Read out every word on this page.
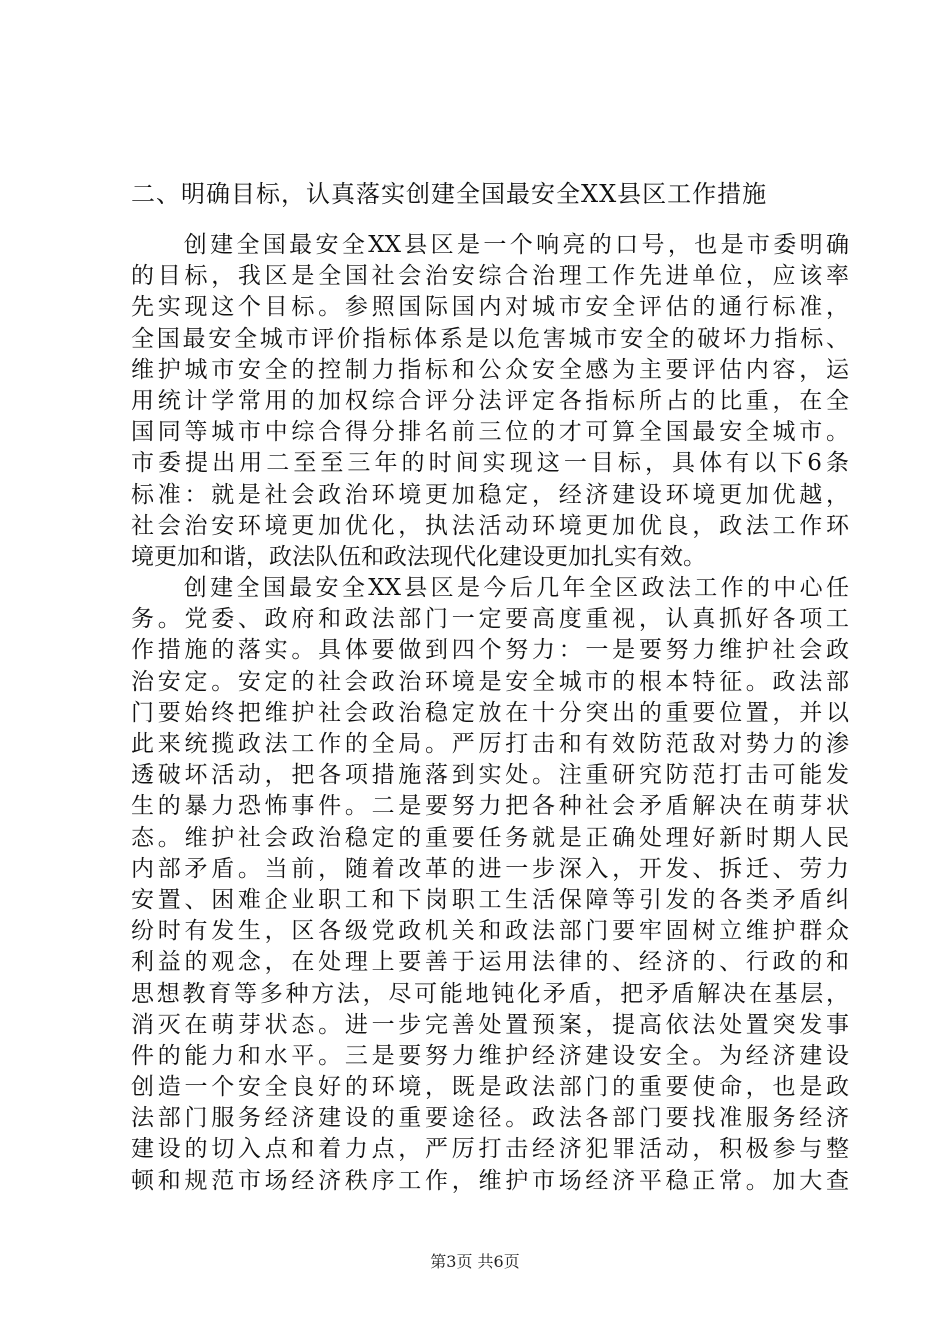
二、明确目标，认真落实创建全国最安全XX县区工作措施
　　创建全国最安全XX县区是一个响亮的口号，也是市委明确
的目标，我区是全国社会治安综合治理工作先进单位，应该率
先实现这个目标。参照国际国内对城市安全评估的通行标准，
全国最安全城市评价指标体系是以危害城市安全的破坏力指标、
维护城市安全的控制力指标和公众安全感为主要评估内容，运
用统计学常用的加权综合评分法评定各指标所占的比重，在全
国同等城市中综合得分排名前三位的才可算全国最安全城市。
市委提出用二至至三年的时间实现这一目标，具体有以下6条
标准：就是社会政治环境更加稳定，经济建设环境更加优越，
社会治安环境更加优化，执法活动环境更加优良，政法工作环
境更加和谐，政法队伍和政法现代化建设更加扎实有效。
　　创建全国最安全XX县区是今后几年全区政法工作的中心任
务。党委、政府和政法部门一定要高度重视，认真抓好各项工
作措施的落实。具体要做到四个努力：一是要努力维护社会政
治安定。安定的社会政治环境是安全城市的根本特征。政法部
门要始终把维护社会政治稳定放在十分突出的重要位置，并以
此来统揽政法工作的全局。严厉打击和有效防范敌对势力的渗
透破坏活动，把各项措施落到实处。注重研究防范打击可能发
生的暴力恐怖事件。二是要努力把各种社会矛盾解决在萌芽状
态。维护社会政治稳定的重要任务就是正确处理好新时期人民
内部矛盾。当前，随着改革的进一步深入，开发、拆迁、劳力
安置、困难企业职工和下岗职工生活保障等引发的各类矛盾纠
纷时有发生，区各级党政机关和政法部门要牢固树立维护群众
利益的观念，在处理上要善于运用法律的、经济的、行政的和
思想教育等多种方法，尽可能地钝化矛盾，把矛盾解决在基层，
消灭在萌芽状态。进一步完善处置预案，提高依法处置突发事
件的能力和水平。三是要努力维护经济建设安全。为经济建设
创造一个安全良好的环境，既是政法部门的重要使命，也是政
法部门服务经济建设的重要途径。政法各部门要找准服务经济
建设的切入点和着力点，严厉打击经济犯罪活动，积极参与整
顿和规范市场经济秩序工作，维护市场经济平稳正常。加大查
第3页 共6页
